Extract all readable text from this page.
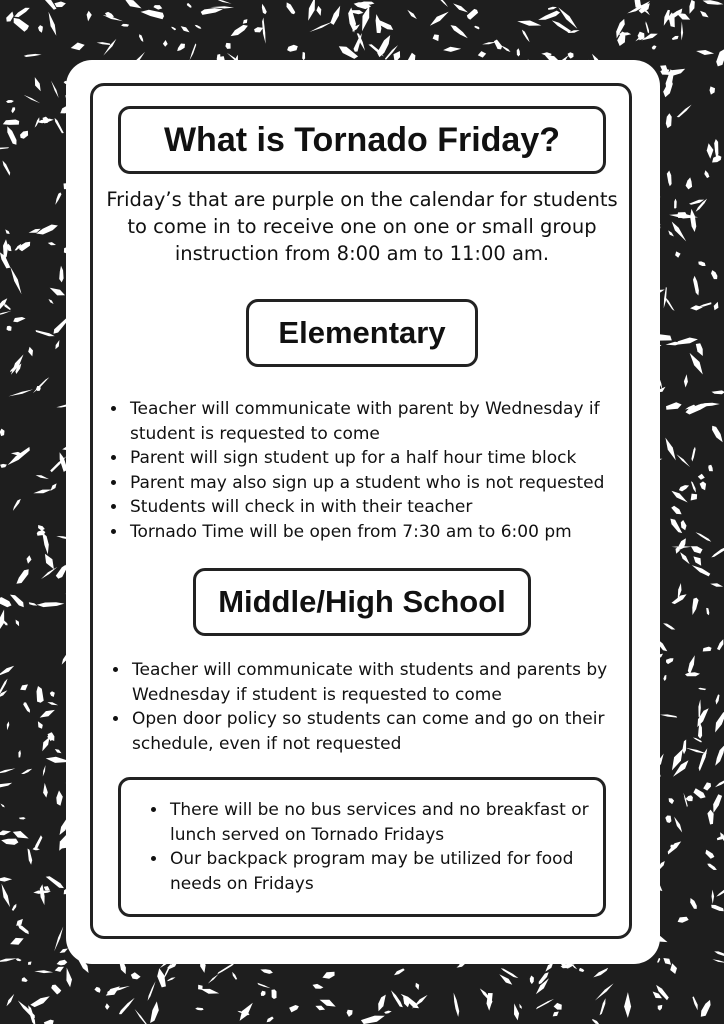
What is Tornado Friday?

Friday’s that are purple on the calendar for students to come in to receive one on one or small group instruction from 8:00 am to 11:00 am.

Elementary
• Teacher will communicate with parent by Wednesday if student is requested to come
• Parent will sign student up for a half hour time block
• Parent may also sign up a student who is not requested
• Students will check in with their teacher
• Tornado Time will be open from 7:30 am to 6:00 pm
Middle/High School
• Teacher will communicate with students and parents by Wednesday if student is requested to come
• Open door policy so students can come and go on their schedule, even if not requested
• There will be no bus services and no breakfast or lunch served on Tornado Fridays
• Our backpack program may be utilized for food needs on Fridays
